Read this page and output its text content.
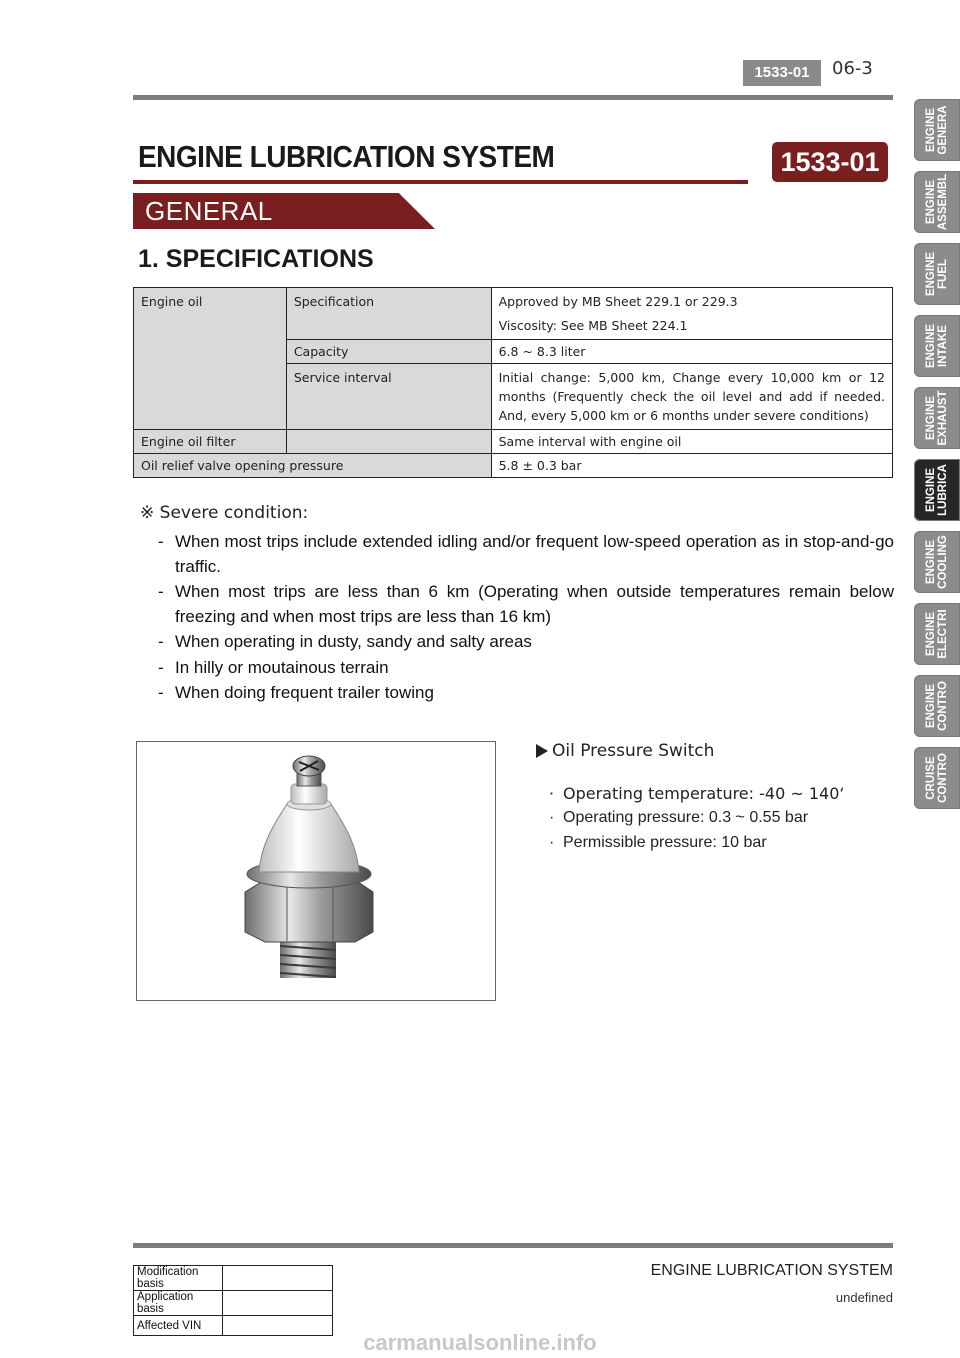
1533-01	06-3
ENGINE LUBRICATION SYSTEM	1533-01
GENERAL
1. SPECIFICATIONS
Engine oil	Specification	Approved by MB Sheet 229.1 or 229.3
Viscosity: See MB Sheet 224.1

	Capacity	6.8 ~ 8.3 liter
	Service interval	Initial change: 5,000 km, Change every 10,000 km or 12 months (Frequently check the oil level and add if needed. And, every 5,000 km or 6 months under severe conditions)
Engine oil filter		Same interval with engine oil
Oil relief valve opening pressure		5.8 ± 0.3 bar
※ Severe condition:
- When most trips include extended idling and/or frequent low-speed operation as in stop-and-go traffic.
- When most trips are less than 6 km (Operating when outside temperatures remain below freezing and when most trips are less than 16 km)
- When operating in dusty, sandy and salty areas
- In hilly or moutainous terrain
- When doing frequent trailer towing
Oil Pressure Switch
· Operating temperature: -40 ~ 140‘
· Operating pressure: 0.3 ~ 0.55 bar
· Permissible pressure: 10 bar
ENGINE GENERA
ENGINE ASSEMBL
ENGINE FUEL
ENGINE INTAKE
ENGINE EXHAUST
ENGINE LUBRICA
ENGINE COOLING
ENGINE ELECTRI
ENGINE CONTRO
CRUISE CONTRO
ENGINE LUBRICATION SYSTEM
undefined
Modification basis	
Application basis	
Affected VIN	
carmanualsonline.info
